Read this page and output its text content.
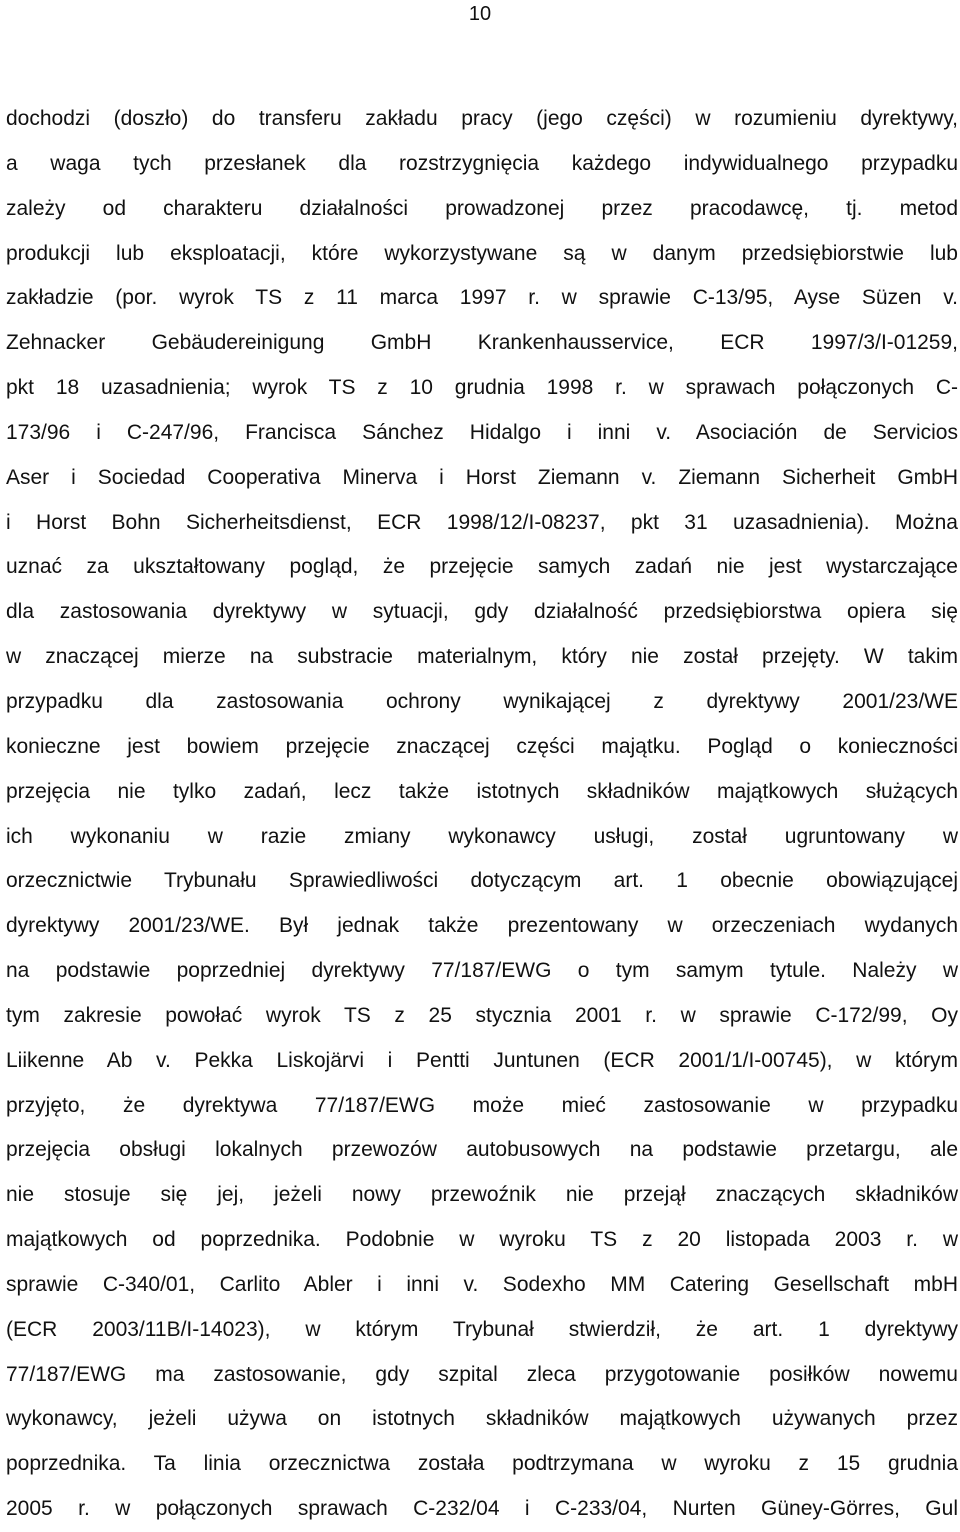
10
dochodzi (doszło) do transferu zakładu pracy (jego części) w rozumieniu dyrektywy,
a waga tych przesłanek dla rozstrzygnięcia każdego indywidualnego przypadku
zależy od charakteru działalności prowadzonej przez pracodawcę, tj. metod
produkcji lub eksploatacji, które wykorzystywane są w danym przedsiębiorstwie lub
zakładzie (por. wyrok TS z 11 marca 1997 r. w sprawie C-13/95, Ayse Süzen v.
Zehnacker Gebäudereinigung GmbH Krankenhausservice, ECR 1997/3/I-01259,
pkt 18 uzasadnienia; wyrok TS z 10 grudnia 1998 r. w sprawach połączonych C-
173/96 i C-247/96, Francisca Sánchez Hidalgo i inni v. Asociación de Servicios
Aser i Sociedad Cooperativa Minerva i Horst Ziemann v. Ziemann Sicherheit GmbH
i Horst Bohn Sicherheitsdienst, ECR 1998/12/I-08237, pkt 31 uzasadnienia). Można
uznać za ukształtowany pogląd, że przejęcie samych zadań nie jest wystarczające
dla zastosowania dyrektywy w sytuacji, gdy działalność przedsiębiorstwa opiera się
w znaczącej mierze na substracie materialnym, który nie został przejęty. W takim
przypadku dla zastosowania ochrony wynikającej z dyrektywy 2001/23/WE
konieczne jest bowiem przejęcie znaczącej części majątku. Pogląd o konieczności
przejęcia nie tylko zadań, lecz także istotnych składników majątkowych służących
ich wykonaniu w razie zmiany wykonawcy usługi, został ugruntowany w
orzecznictwie Trybunału Sprawiedliwości dotyczącym art. 1 obecnie obowiązującej
dyrektywy 2001/23/WE. Był jednak także prezentowany w orzeczeniach wydanych
na podstawie poprzedniej dyrektywy 77/187/EWG o tym samym tytule. Należy w
tym zakresie powołać wyrok TS z 25 stycznia 2001 r. w sprawie C-172/99, Oy
Liikenne Ab v. Pekka Liskojärvi i Pentti Juntunen (ECR 2001/1/I-00745), w którym
przyjęto, że dyrektywa 77/187/EWG może mieć zastosowanie w przypadku
przejęcia obsługi lokalnych przewozów autobusowych na podstawie przetargu, ale
nie stosuje się jej, jeżeli nowy przewoźnik nie przejął znaczących składników
majątkowych od poprzednika. Podobnie w wyroku TS z 20 listopada 2003 r. w
sprawie C-340/01, Carlito Abler i inni v. Sodexho MM Catering Gesellschaft mbH
(ECR 2003/11B/I-14023), w którym Trybunał stwierdził, że art. 1 dyrektywy
77/187/EWG ma zastosowanie, gdy szpital zleca przygotowanie posiłków nowemu
wykonawcy, jeżeli używa on istotnych składników majątkowych używanych przez
poprzednika. Ta linia orzecznictwa została podtrzymana w wyroku z 15 grudnia
2005 r. w połączonych sprawach C-232/04 i C-233/04, Nurten Güney-Görres, Gul
